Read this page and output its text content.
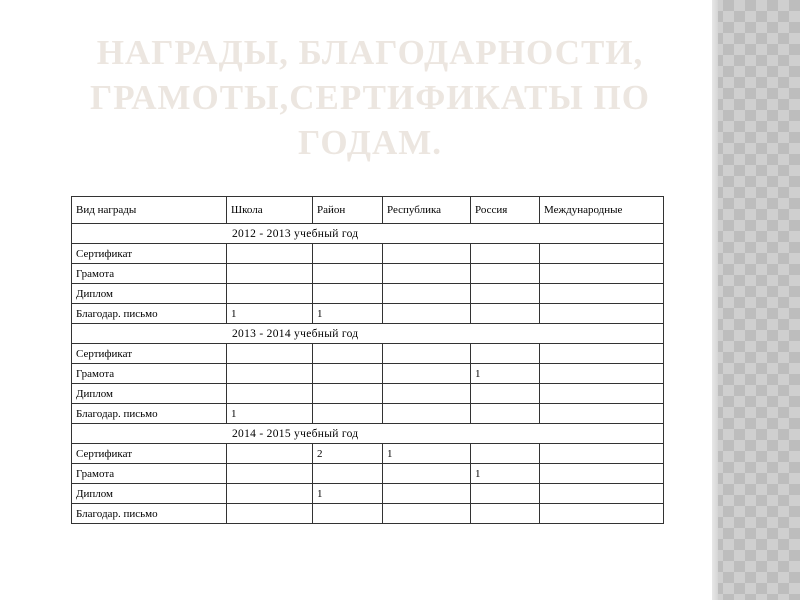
НАГРАДЫ, БЛАГОДАРНОСТИ, ГРАМОТЫ,СЕРТИФИКАТЫ ПО ГОДАМ.
Вид награды	Школа	Район	Республика	Россия	Международные
2012 - 2013 учебный год					
Сертификат					
Грамота					
Диплом					
Благодар. письмо	1	1			
2013 - 2014 учебный год					
Сертификат					
Грамота				1	
Диплом					
Благодар. письмо	1				
2014 - 2015 учебный год					
Сертификат		2	1		
Грамота				1	
Диплом		1			
Благодар. письмо					
